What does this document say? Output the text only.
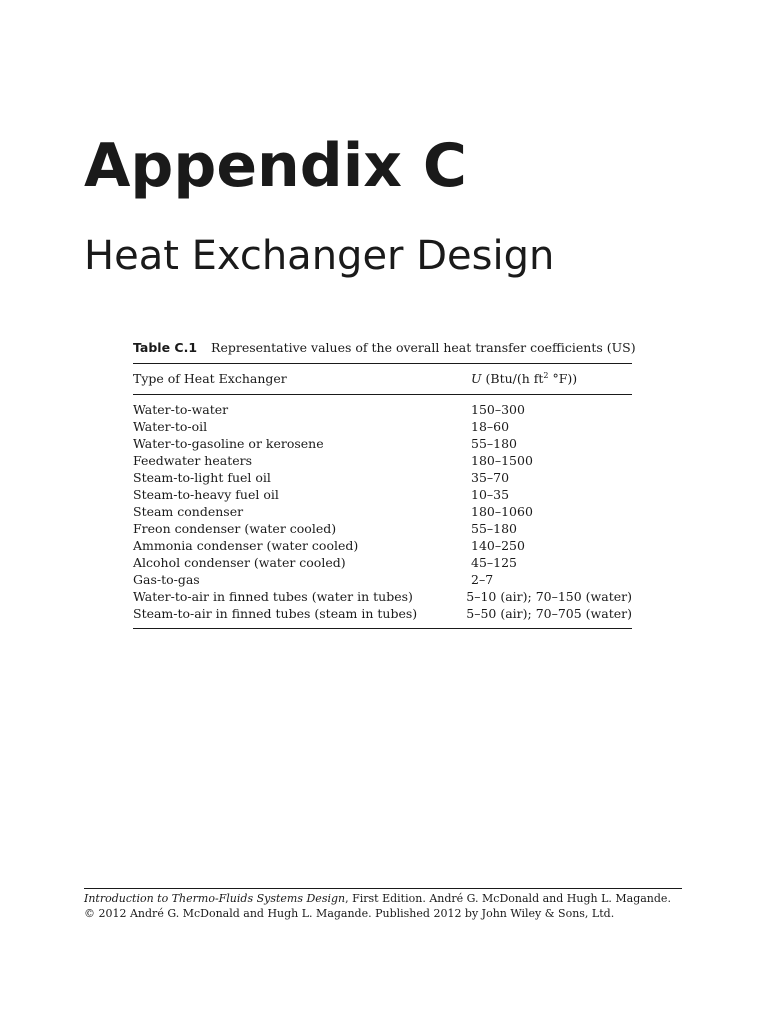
Appendix C
Heat Exchanger Design
Table C.1 Representative values of the overall heat transfer coefficients (US)
Type of Heat Exchanger	U (Btu/(h $ft^2$ °F))
Water-to-water	150–300
Water-to-oil	18–60
Water-to-gasoline or kerosene	55–180
Feedwater heaters	180–1500
Steam-to-light fuel oil	35–70
Steam-to-heavy fuel oil	10–35
Steam condenser	180–1060
Freon condenser (water cooled)	55–180
Ammonia condenser (water cooled)	140–250
Alcohol condenser (water cooled)	45–125
Gas-to-gas	2–7
Water-to-air in finned tubes (water in tubes)	5–10 (air); 70–150 (water)
Steam-to-air in finned tubes (steam in tubes)	5–50 (air); 70–705 (water)
Introduction to Thermo-Fluids Systems Design, First Edition. André G. McDonald and Hugh L. Magande.
© 2012 André G. McDonald and Hugh L. Magande. Published 2012 by John Wiley & Sons, Ltd.
